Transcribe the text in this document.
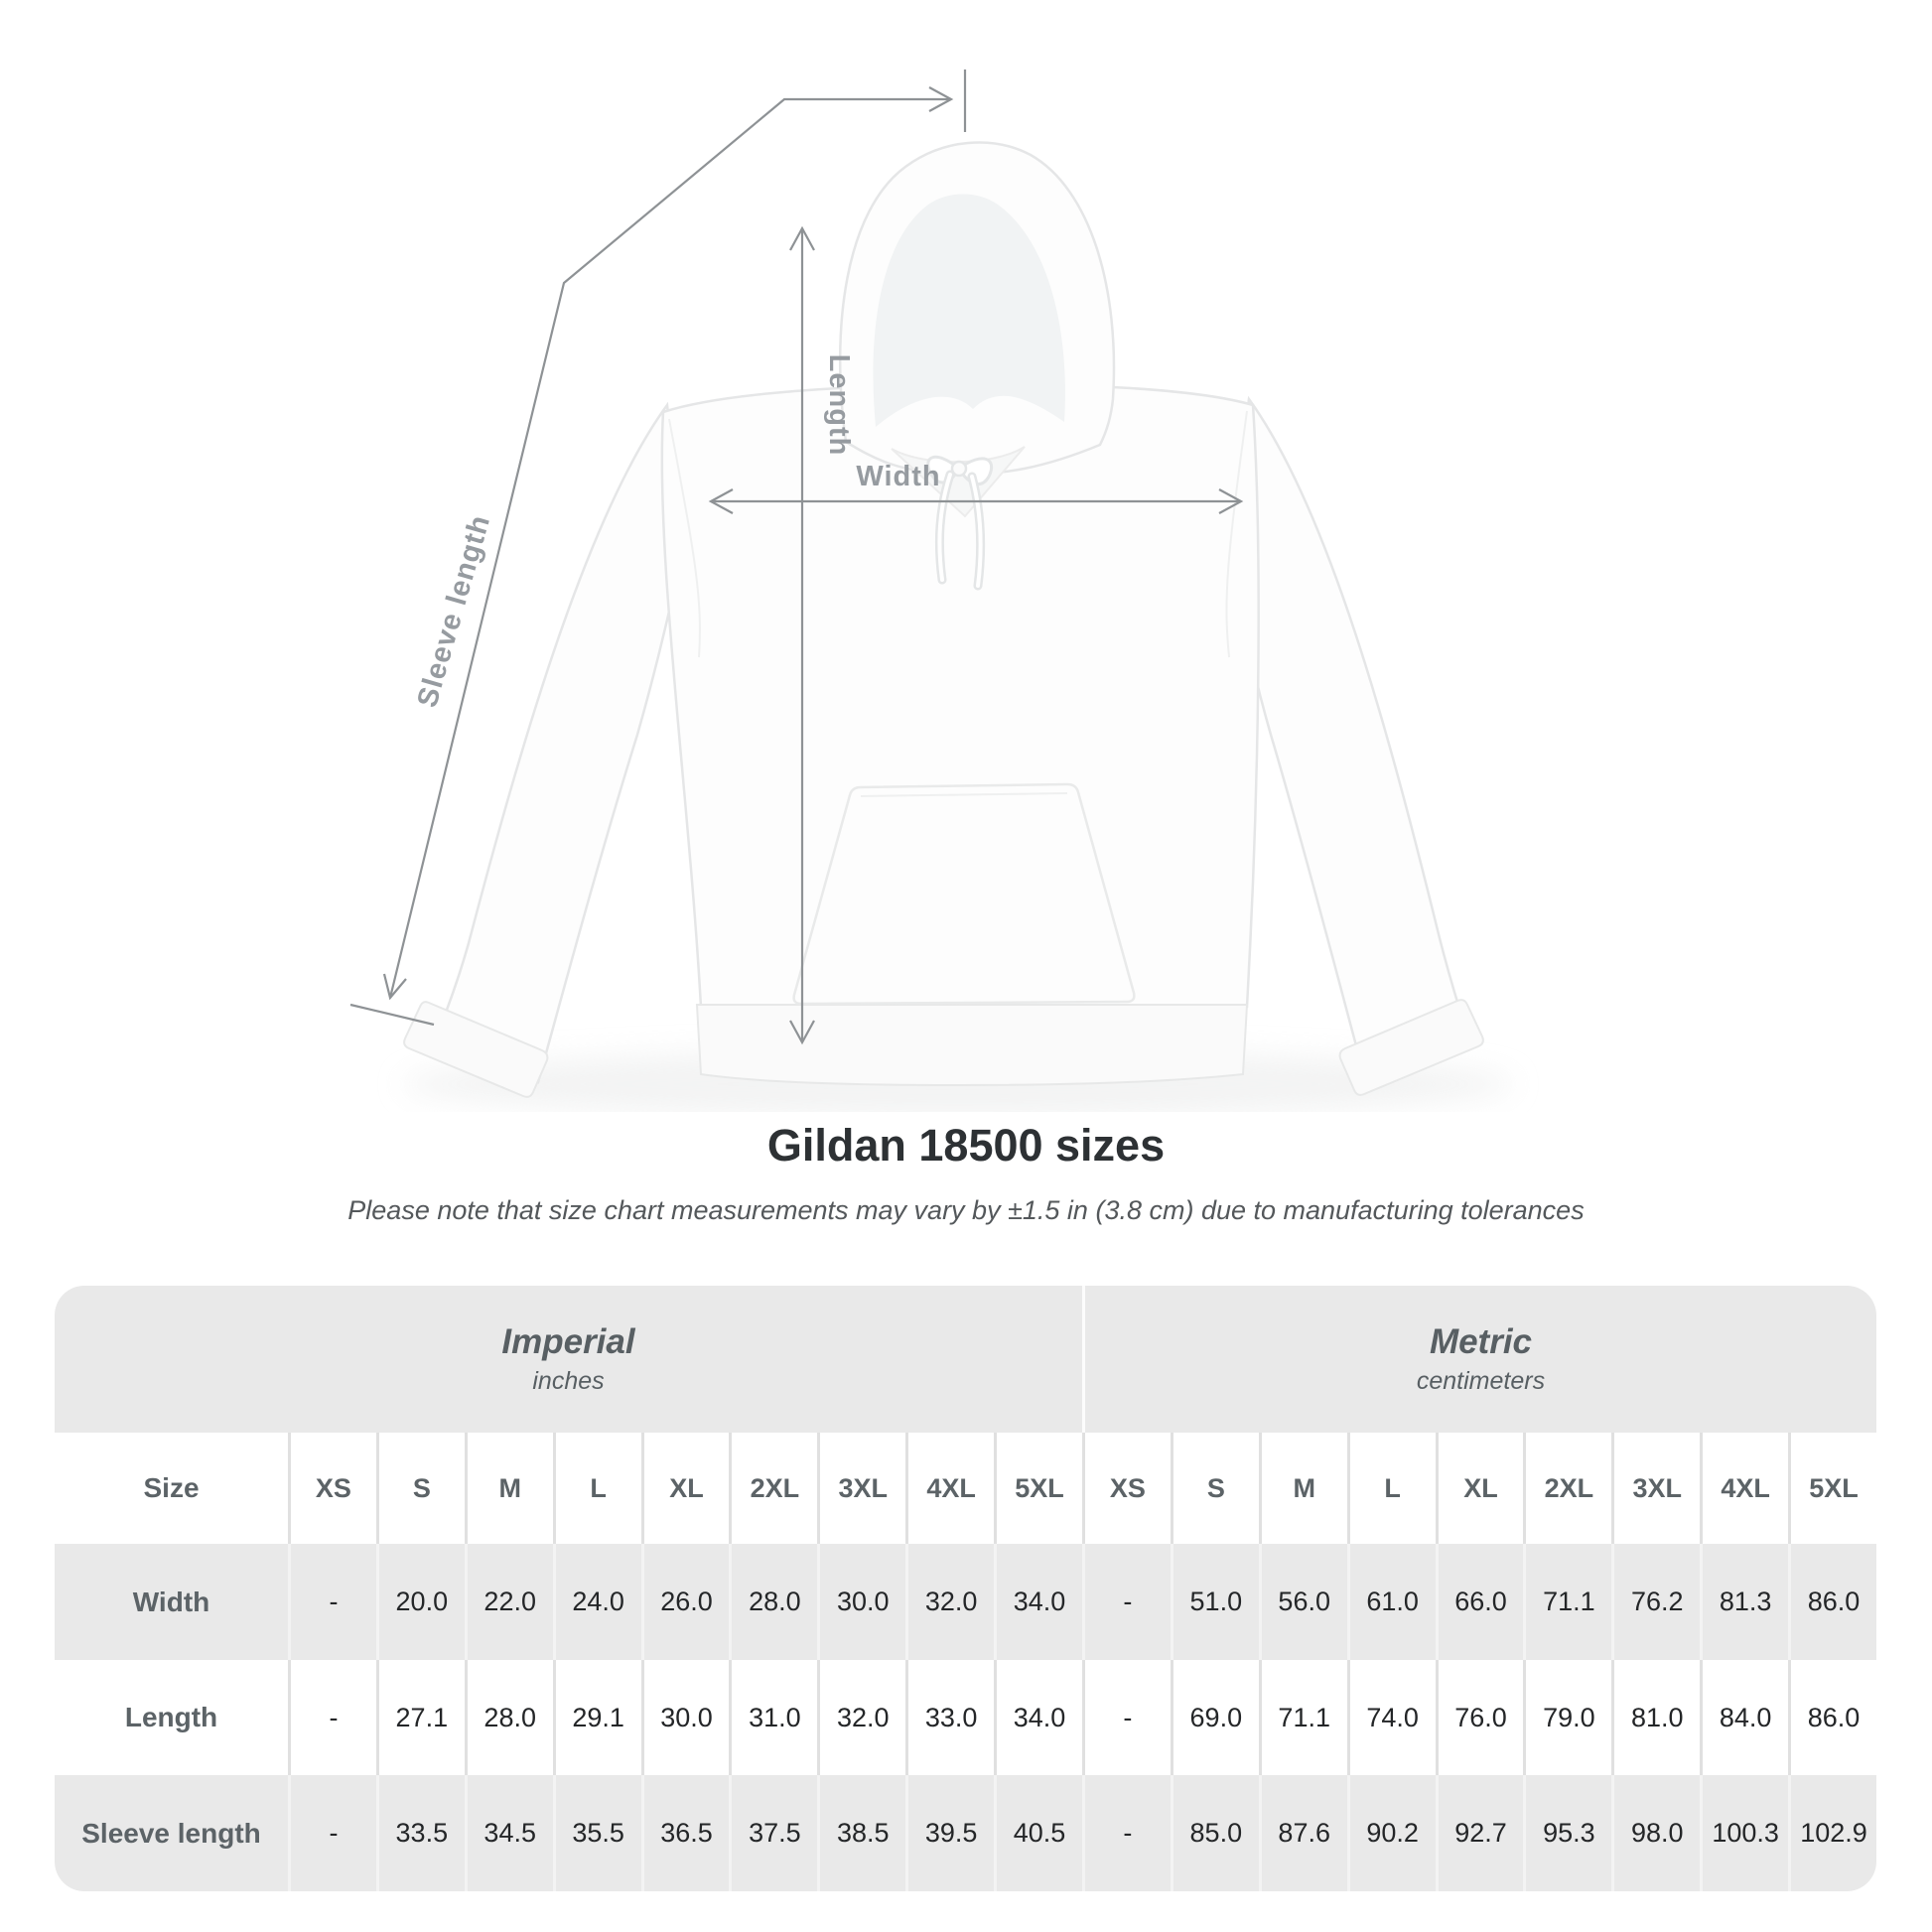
Width
Length
Sleeve length
Gildan 18500 sizes
Please note that size chart measurements may vary by ±1.5 in (3.8 cm) due to manufacturing tolerances
Imperial
inches
Metric
centimeters
Size	XS	S	M	L	XL	2XL	3XL	4XL	5XL	XS	S	M	L	XL	2XL	3XL	4XL	5XL
Width	-	20.0	22.0	24.0	26.0	28.0	30.0	32.0	34.0	-	51.0	56.0	61.0	66.0	71.1	76.2	81.3	86.0
Length	-	27.1	28.0	29.1	30.0	31.0	32.0	33.0	34.0	-	69.0	71.1	74.0	76.0	79.0	81.0	84.0	86.0
Sleeve length	-	33.5	34.5	35.5	36.5	37.5	38.5	39.5	40.5	-	85.0	87.6	90.2	92.7	95.3	98.0	100.3 102.9
